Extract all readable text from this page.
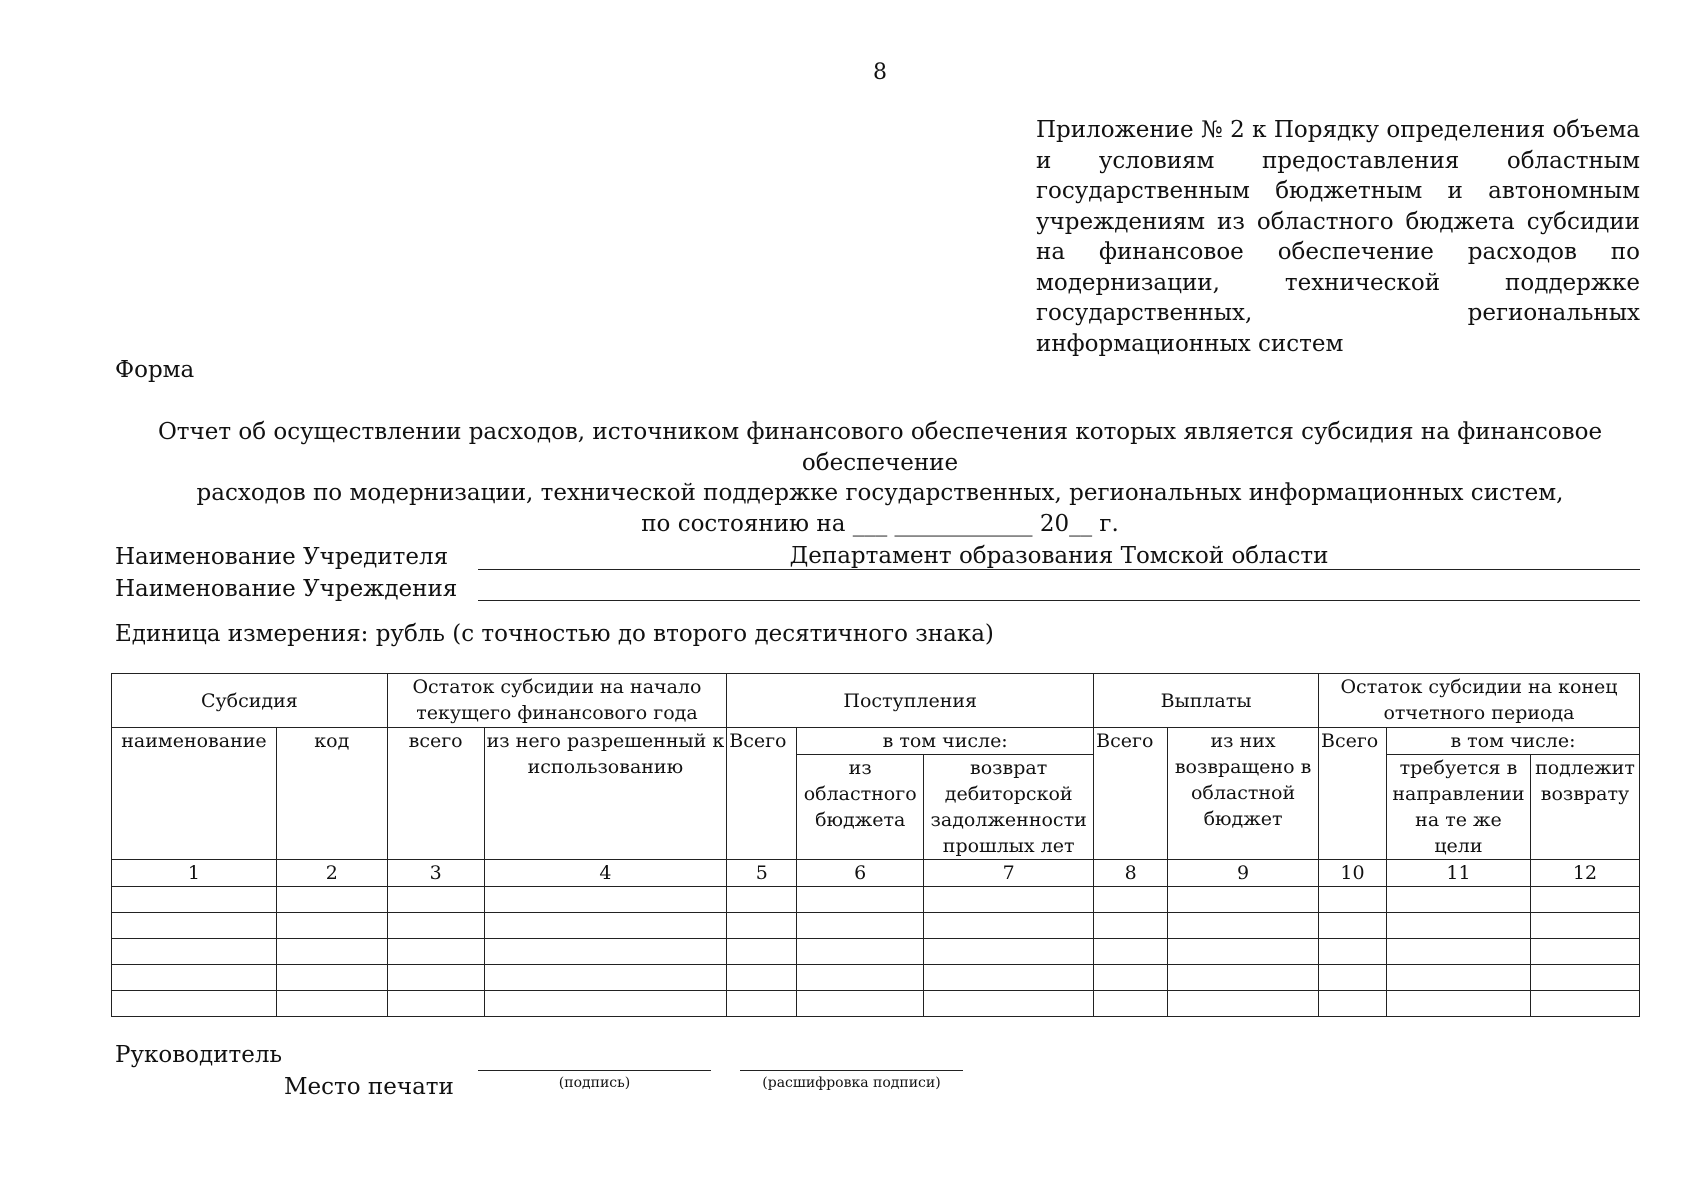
8
Приложение № 2 к Порядку определения объема и условиям предоставления областным государственным бюджетным и автономным учреждениям из областного бюджета субсидии на финансовое обеспечение расходов по модернизации, технической поддержке государственных, региональных информационных систем
Форма
Отчет об осуществлении расходов, источником финансового обеспечения которых является субсидия на финансовое обеспечение
расходов по модернизации, технической поддержке государственных, региональных информационных систем,
по состоянию на ___ ____________ 20__ г.
Наименование Учредителя	Департамент образования Томской области
Наименование Учреждения
Единица измерения: рубль (с точностью до второго десятичного знака)
Субсидия		Остаток субсидии на начало текущего финансового года		Поступления			Выплаты		Остаток субсидии на конец отчетного периода		
наименование	код	всего	из него разрешенный к использованию	Всего	в том числе:		Всего	из них возвращено в областной бюджет	Всего	в том числе:	
					из областного бюджета	возврат дебиторской задолженности прошлых лет				требуется в направлении на те же цели	подлежит возврату
1	2	3	4	5	6	7	8	9	10	11	12

Руководитель
Место печати	(подпись)	(расшифровка подписи)
